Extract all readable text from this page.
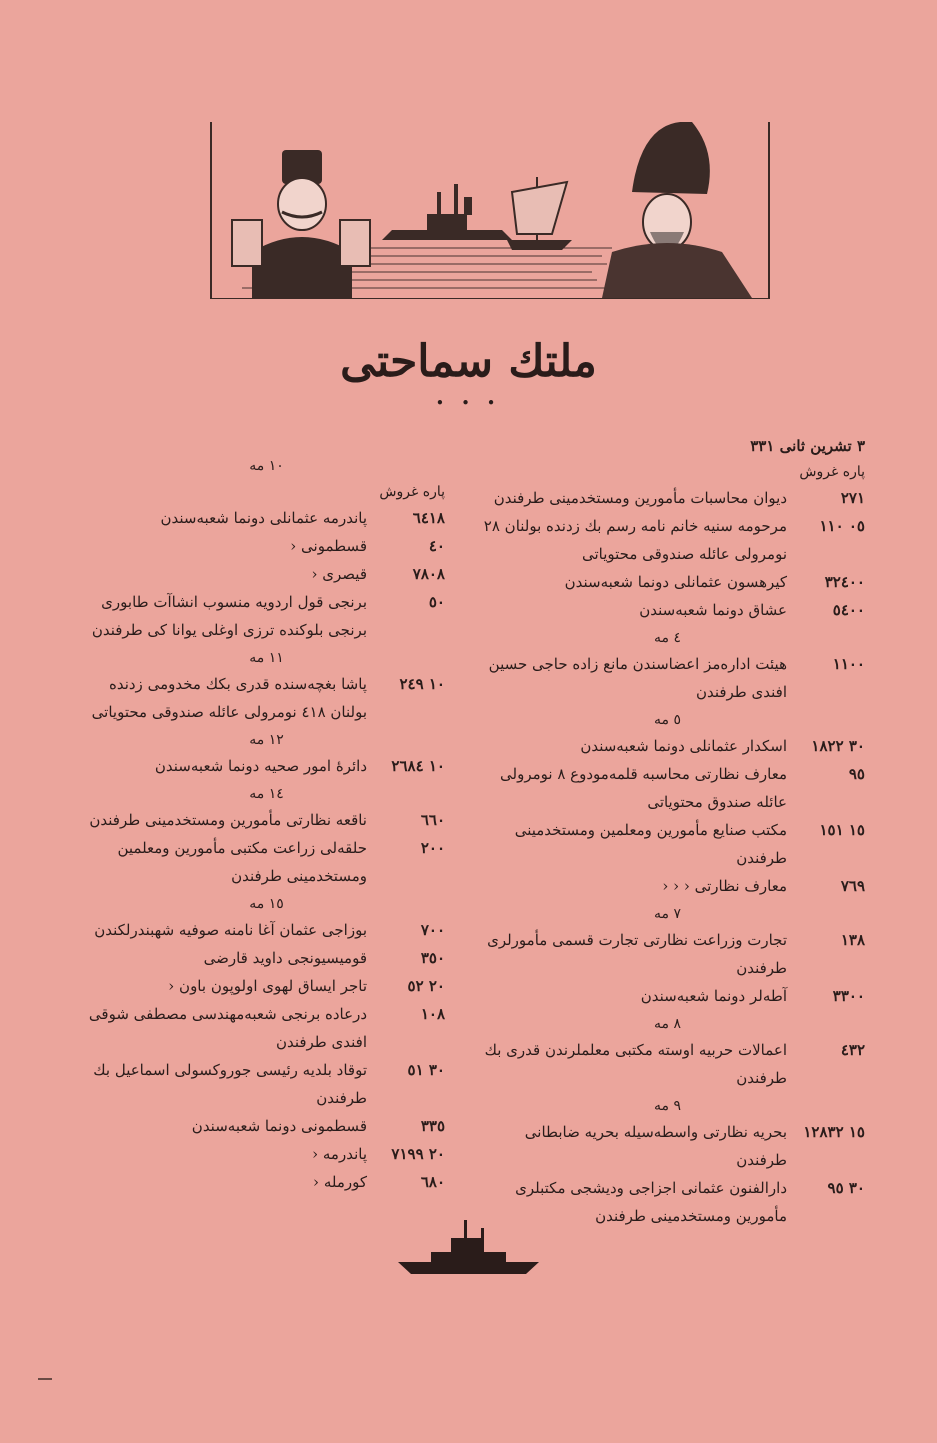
ملتك سماحتی
• • •
٣ تشرين ثانی ٣٣١
پاره غروش
٢٧١
ديوان محاسبات مأمورين ومستخدمينی طرفندن
٠٥ ١١٠
مرحومه سنيه خانم نامه رسم بك زدنده بولنان ٢٨ نومرولی عائله صندوقی محتوياتی
٣٢٤٠٠
كيرهسون عثمانلی دونما شعبه‌سندن
٥٤٠٠
عشاق دونما شعبه‌سندن
٤ مه
١١٠٠
هيئت اداره‌مز اعضاسندن مانع زاده حاجی حسين افندی طرفندن
٥ مه
٣٠ ١٨٢٢
اسكدار عثمانلی دونما شعبه‌سندن
٩٥
معارف نظارتی محاسبه قلمه‌مودوع ٨ نومرولی عائله صندوق محتوياتی
١٥ ١٥١
مكتب صنايع مأمورين ومعلمين ومستخدمينی طرفندن
٧٦٩
معارف نظارتی ‹ ‹ ‹
٧ مه
١٣٨
تجارت وزراعت نظارتی تجارت قسمی مأمورلری طرفندن
٣٣٠٠
آطه‌لر دونما شعبه‌سندن
٨ مه
٤٣٢
اعمالات حربيه اوسته مكتبی معلملرندن قدری بك طرفندن
٩ مه
١٥ ١٢٨٣٢
بحريه نظارتی واسطه‌سيله بحريه ضابطانی طرفندن
٣٠ ٩٥
دارالفنون عثمانی اجزاجی ودیشجی مكتبلری مأمورين ومستخدمينی طرفندن
١٠ مه
پاره غروش
٦٤١٨
پاندرمه عثمانلی دونما شعبه‌سندن
٤٠
قسطمونی ‹
٧٨٠٨
قيصری ‹
٥٠
برنجی قول اردويه منسوب انشاآت طابوری برنجی بلوكنده ترزی اوغلی يوانا كی طرفندن
١١ مه
١٠ ٢٤٩
پاشا بغچه‌سنده قدری بكك مخدومی زدنده بولنان ٤١٨ نومرولی عائله صندوقی محتوياتی
١٢ مه
١٠ ٢٦٨٤
دائرهٔ امور صحيه دونما شعبه‌سندن
١٤ مه
٦٦٠
ناقعه نظارتی مأمورين ومستخدمينی طرفندن
٢٠٠
حلقه‌لی زراعت مكتبی مأمورين ومعلمين ومستخدمينی طرفندن
١٥ مه
٧٠٠
بوزاجی عثمان آغا نامنه صوفيه شهبندرلكندن
٣٥٠
قوميسيونجی داوید قارضی
٢٠ ٥٢
تاجر ايساق لهوی اولوپون باون ‹
١٠٨
درعاده برنجی شعبه‌مهندسی مصطفی شوقی افندی طرفندن
٣٠ ٥١
توقاد بلديه رئيسی جوروكسولی اسماعيل بك طرفندن
٣٣٥
قسطمونی دونما شعبه‌سندن
٢٠ ٧١٩٩
پاندرمه ‹
٦٨٠
كورمله ‹
